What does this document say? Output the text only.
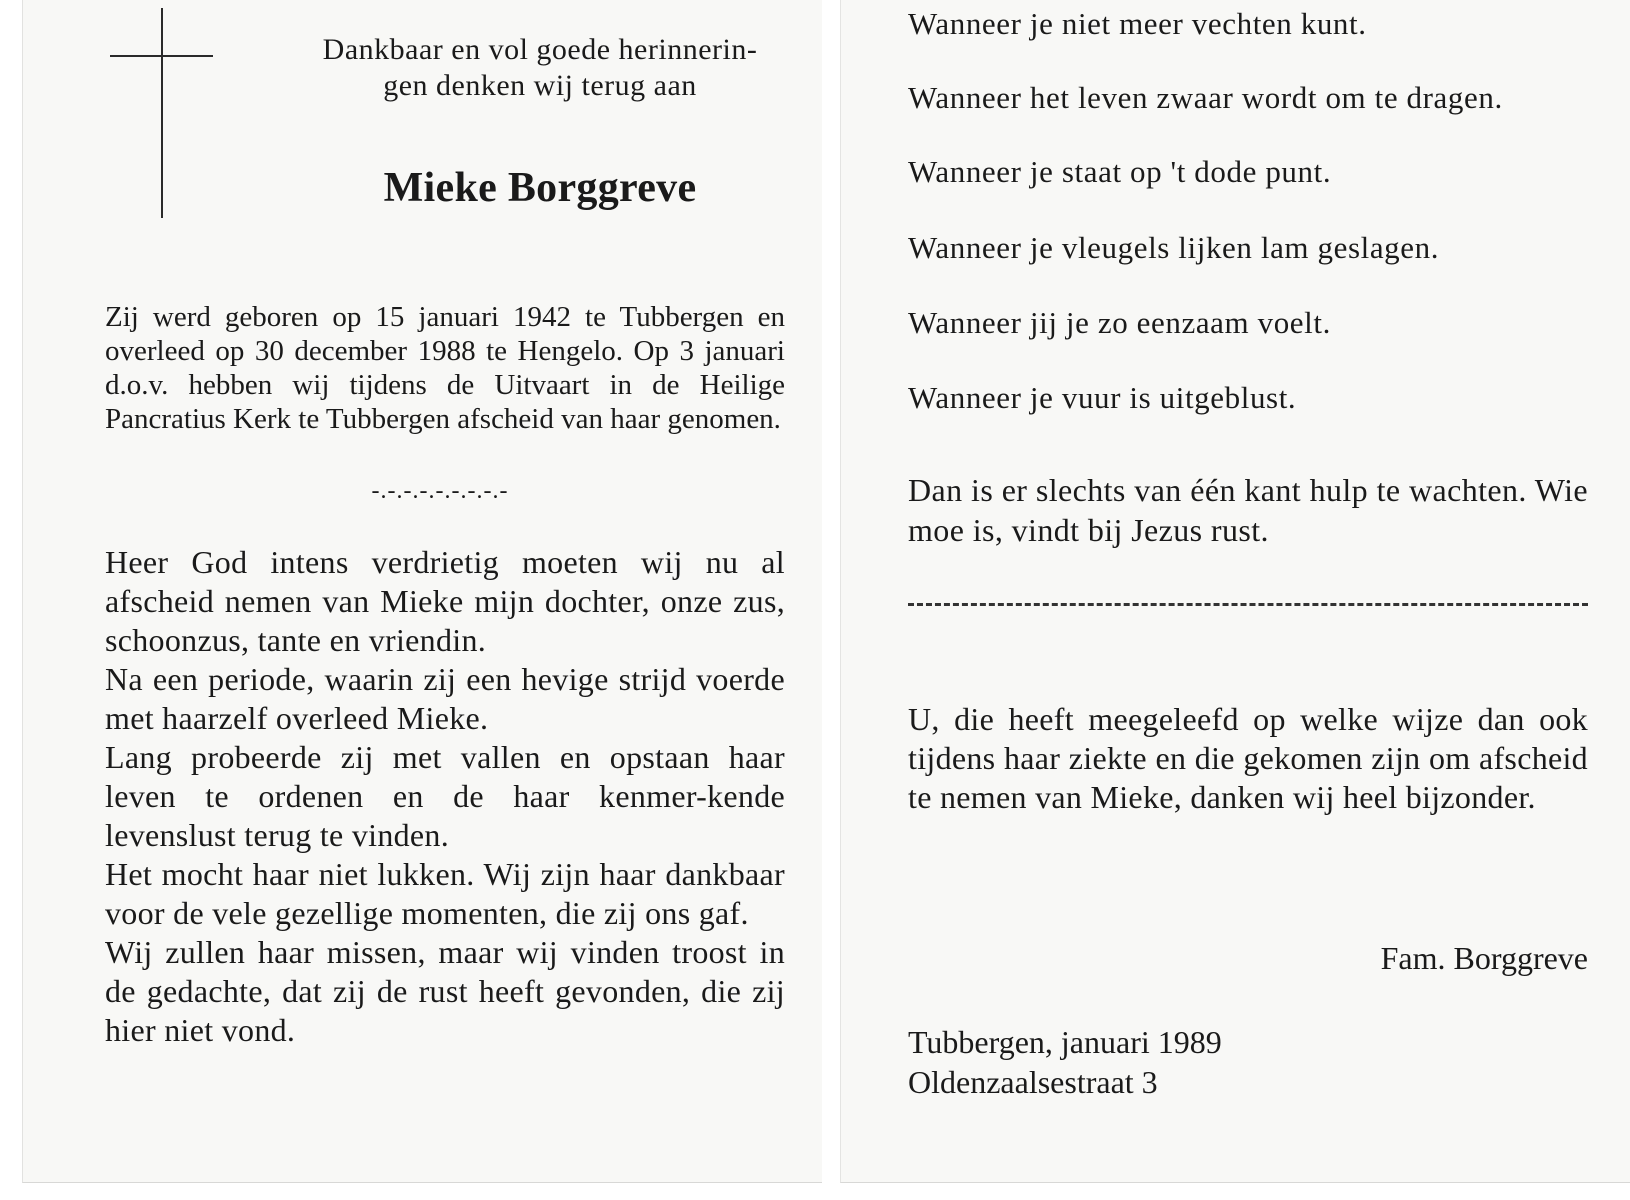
Dankbaar en vol goede herinnerin-
gen denken wij terug aan
Mieke Borggreve
Zij werd geboren op 15 januari 1942 te Tubbergen en overleed op 30 december 1988 te Hengelo. Op 3 januari d.o.v. hebben wij tijdens de Uitvaart in de Heilige Pancratius Kerk te Tubbergen afscheid van haar genomen.
-.-.-.-.-.-.-.-.-

Heer God intens verdrietig moeten wij nu al afscheid nemen van Mieke mijn dochter, onze zus, schoonzus, tante en vriendin.

Na een periode, waarin zij een hevige strijd voerde met haarzelf overleed Mieke.

Lang probeerde zij met vallen en opstaan haar leven te ordenen en de haar kenmer-kende levenslust terug te vinden.

Het mocht haar niet lukken. Wij zijn haar dankbaar voor de vele gezellige momenten, die zij ons gaf.

Wij zullen haar missen, maar wij vinden troost in de gedachte, dat zij de rust heeft gevonden, die zij hier niet vond.

Wanneer je niet meer vechten kunt.

Wanneer het leven zwaar wordt om te dragen.

Wanneer je staat op 't dode punt.

Wanneer je vleugels lijken lam geslagen.

Wanneer jij je zo eenzaam voelt.

Wanneer je vuur is uitgeblust.

Dan is er slechts van één kant hulp te wachten. Wie moe is, vindt bij Jezus rust.
U, die heeft meegeleefd op welke wijze dan ook tijdens haar ziekte en die gekomen zijn om afscheid te nemen van Mieke, danken wij heel bijzonder.
Fam. Borggreve
Tubbergen, januari 1989
Oldenzaalsestraat 3
